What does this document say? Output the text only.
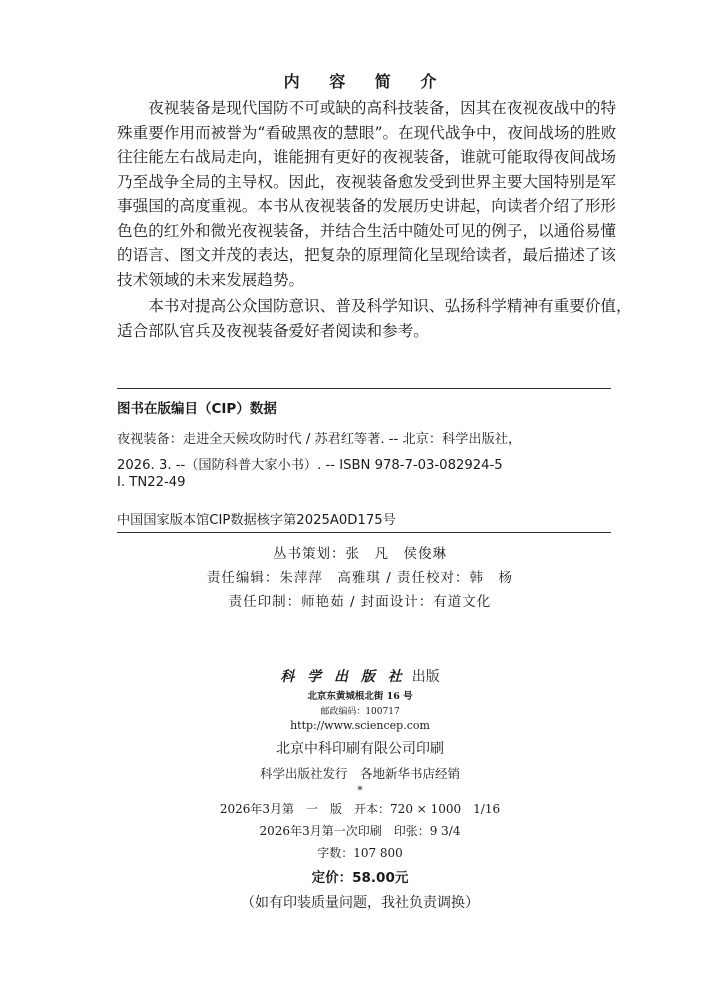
内 容 简 介

　　夜视装备是现代国防不可或缺的高科技装备，因其在夜视夜战中的特
殊重要作用而被誉为“看破黑夜的慧眼”。在现代战争中，夜间战场的胜败
往往能左右战局走向，谁能拥有更好的夜视装备，谁就可能取得夜间战场
乃至战争全局的主导权。因此，夜视装备愈发受到世界主要大国特别是军
事强国的高度重视。本书从夜视装备的发展历史讲起，向读者介绍了形形
色色的红外和微光夜视装备，并结合生活中随处可见的例子，以通俗易懂
的语言、图文并茂的表达，把复杂的原理简化呈现给读者，最后描述了该
技术领域的未来发展趋势。

　　本书对提高公众国防意识、普及科学知识、弘扬科学精神有重要价值，
适合部队官兵及夜视装备爱好者阅读和参考。

图书在版编目（CIP）数据
夜视装备：走进全天候攻防时代 / 苏君红等著. -- 北京：科学出版社，
2026. 3. --（国防科普大家小书）. -- ISBN 978-7-03-082924-5
Ⅰ. TN22-49
中国国家版本馆CIP数据核字第2025A0D175号
丛书策划：张　凡　侯俊琳
责任编辑：朱萍萍　高雅琪 / 责任校对：韩　杨
责任印制：师艳茹 / 封面设计：有道文化
科 学 出 版 社 出版
北京东黄城根北街 16 号
邮政编码：100717
http://www.sciencep.com
北京中科印刷有限公司印刷
科学出版社发行　各地新华书店经销
*
2026年3月第　一　版　开本：720 × 1000　1/16
2026年3月第一次印刷　印张：9 3/4
字数：107 800
定价：58.00元
（如有印装质量问题，我社负责调换）
